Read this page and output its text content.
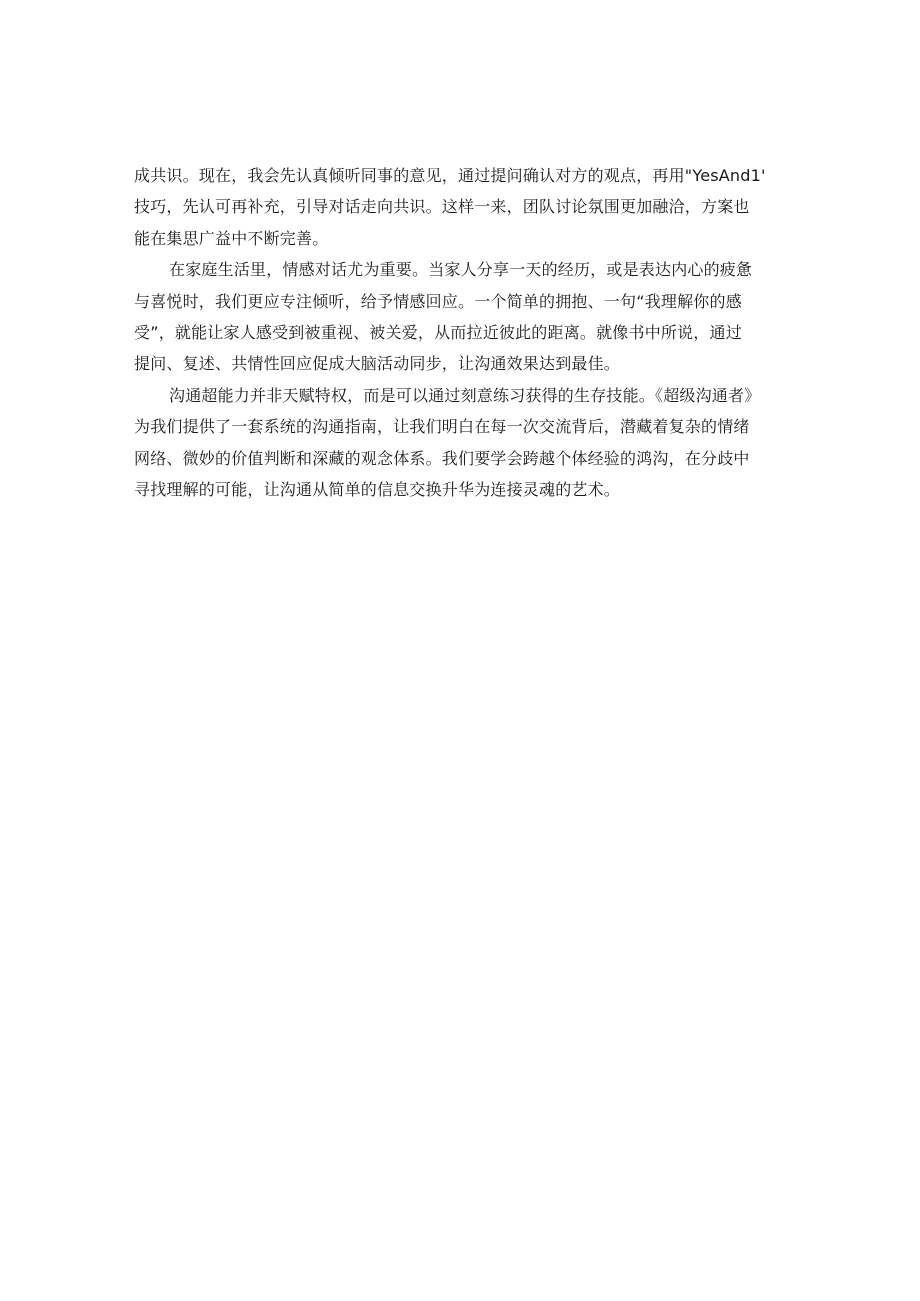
成共识。现在，我会先认真倾听同事的意见，通过提问确认对方的观点，再用"YesAnd1'
技巧，先认可再补充，引导对话走向共识。这样一来，团队讨论氛围更加融洽，方案也
能在集思广益中不断完善。
在家庭生活里，情感对话尤为重要。当家人分享一天的经历，或是表达内心的疲惫
与喜悦时，我们更应专注倾听，给予情感回应。一个简单的拥抱、一句“我理解你的感
受”，就能让家人感受到被重视、被关爱，从而拉近彼此的距离。就像书中所说，通过
提问、复述、共情性回应促成大脑活动同步，让沟通效果达到最佳。
沟通超能力并非天赋特权，而是可以通过刻意练习获得的生存技能。《超级沟通者》
为我们提供了一套系统的沟通指南，让我们明白在每一次交流背后，潜藏着复杂的情绪
网络、微妙的价值判断和深藏的观念体系。我们要学会跨越个体经验的鸿沟，在分歧中
寻找理解的可能，让沟通从简单的信息交换升华为连接灵魂的艺术。
